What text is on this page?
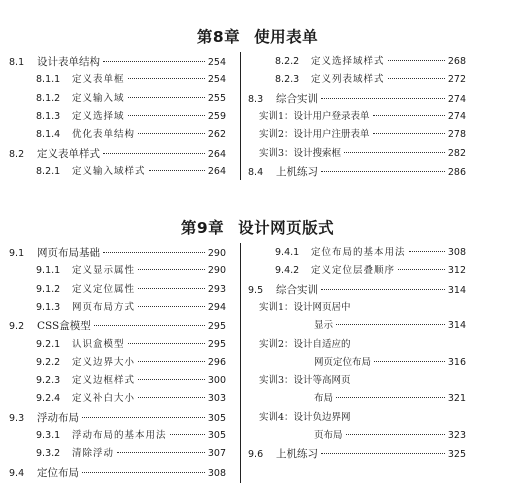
第8章 使用表单
8.1	设计表单结构	254
8.1.1	定义表单框	254
8.1.2	定义输入域	255
8.1.3	定义选择域	259
8.1.4	优化表单结构	262
8.2	定义表单样式	264
8.2.1	定义输入域样式	264
8.2.2	定义选择域样式	268
8.2.3	定义列表域样式	272
8.3	综合实训	274
实训1：设计用户登录表单	274
实训2：设计用户注册表单	278
实训3：设计搜索框	282
8.4	上机练习	286
第9章 设计网页版式
9.1	网页布局基础	290
9.1.1	定义显示属性	290
9.1.2	定义定位属性	293
9.1.3	网页布局方式	294
9.2	CSS盒模型	295
9.2.1	认识盒模型	295
9.2.2	定义边界大小	296
9.2.3	定义边框样式	300
9.2.4	定义补白大小	303
9.3	浮动布局	305
9.3.1	浮动布局的基本用法	305
9.3.2	清除浮动	307
9.4	定位布局	308
9.4.1	定位布局的基本用法	308
9.4.2	定义定位层叠顺序	312
9.5	综合实训	314
实训1：设计网页居中
显示	314
实训2：设计自适应的
网页定位布局	316
实训3：设计等高网页
布局	321
实训4：设计负边界网
页布局	323
9.6	上机练习	325
